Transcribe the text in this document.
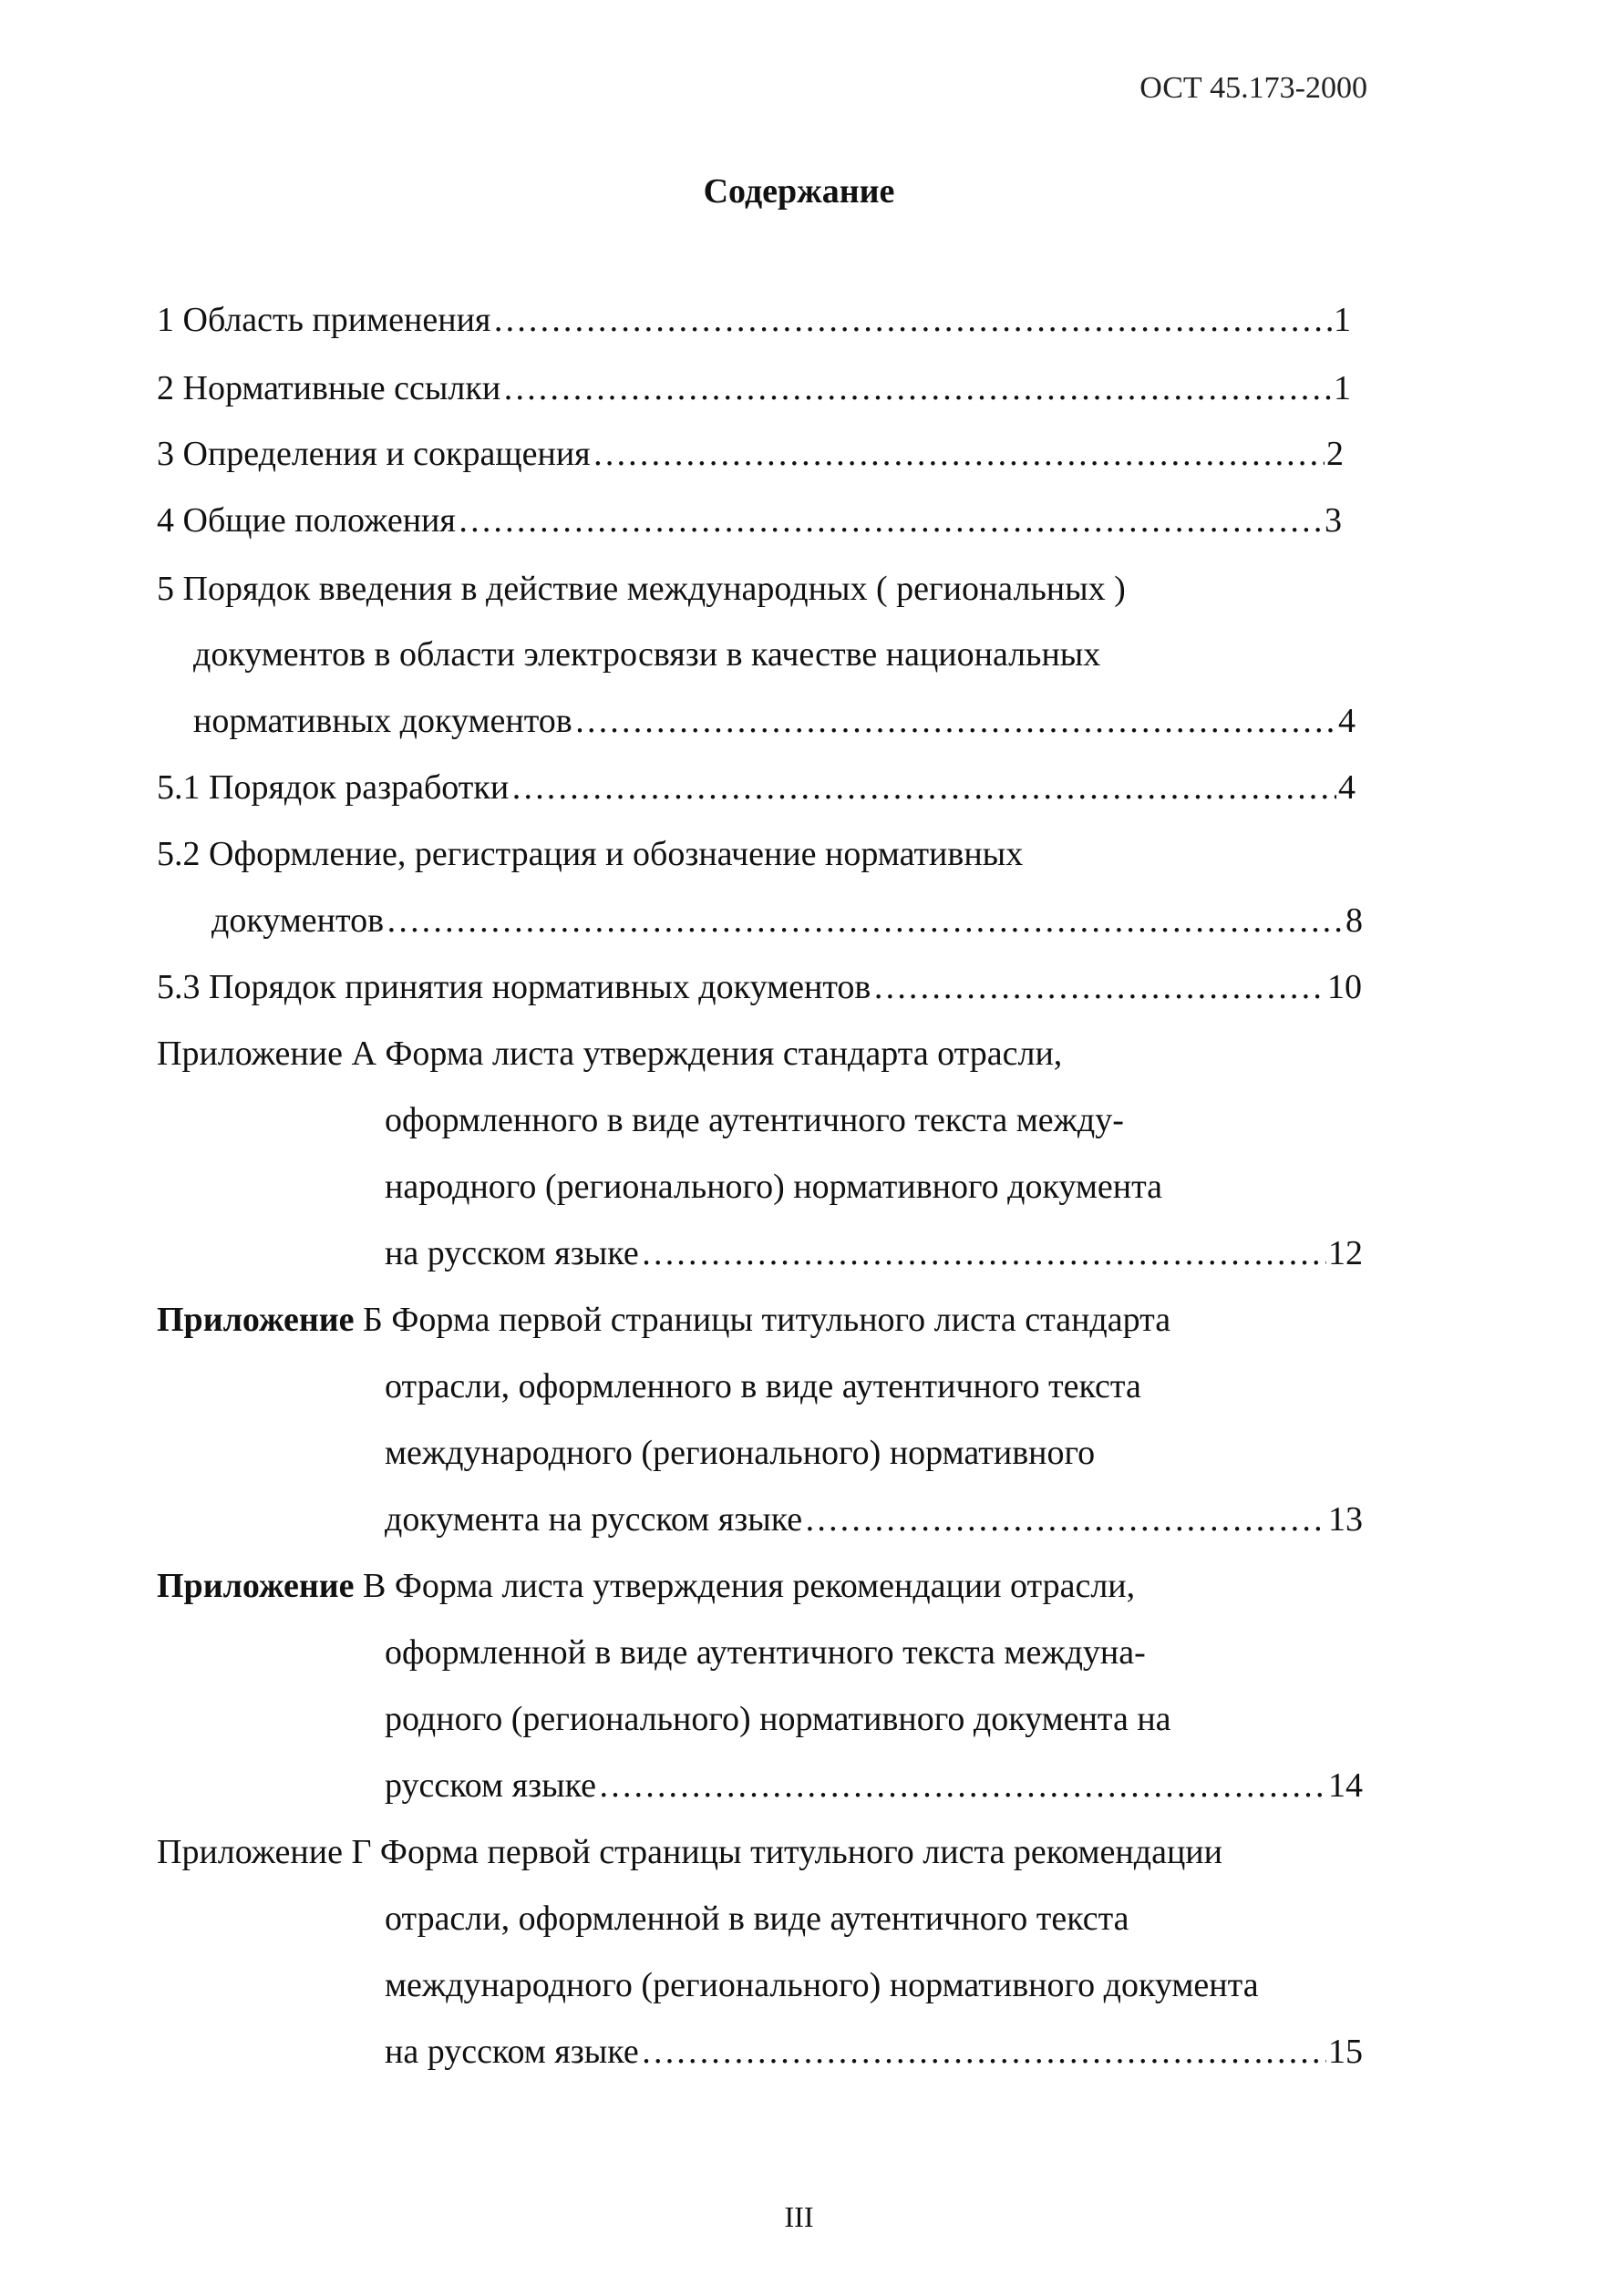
ОСТ 45.173-2000
Содержание
1 Область применения …………………………………………………………………………………………………………………………………………………………………………………	1
2 Нормативные ссылки …………………………………………………………………………………………………………………………………………………………………………………	1
3 Определения и сокращения …………………………………………………………………………………………………………………………………………………………………………………	2
4 Общие положения …………………………………………………………………………………………………………………………………………………………………………………	3
5 Порядок введения в действие международных ( региональных )
документов в области электросвязи в качестве национальных
нормативных документов …………………………………………………………………………………………………………………………………………………………………………………	4
5.1 Порядок разработки …………………………………………………………………………………………………………………………………………………………………………………	4
5.2 Оформление, регистрация и обозначение нормативных
документов …………………………………………………………………………………………………………………………………………………………………………………	8
5.3 Порядок принятия нормативных документов …………………………………………………………………………………………………………………………………………………………………………………	10
Приложение А Форма листа утверждения стандарта отрасли,
оформленного в виде аутентичного текста между-
народного (регионального) нормативного документа
на русском языке …………………………………………………………………………………………………………………………………………………………………………………	12
Приложение Б Форма первой страницы титульного листа стандарта
отрасли, оформленного в виде аутентичного текста
международного (регионального) нормативного
документа на русском языке …………………………………………………………………………………………………………………………………………………………………………………	13
Приложение В Форма листа утверждения рекомендации отрасли,
оформленной в виде аутентичного текста междуна-
родного (регионального) нормативного документа на
русском языке …………………………………………………………………………………………………………………………………………………………………………………	14
Приложение Г Форма первой страницы титульного листа рекомендации
отрасли, оформленной в виде аутентичного текста
международного (регионального) нормативного документа
на русском языке …………………………………………………………………………………………………………………………………………………………………………………	15
III
